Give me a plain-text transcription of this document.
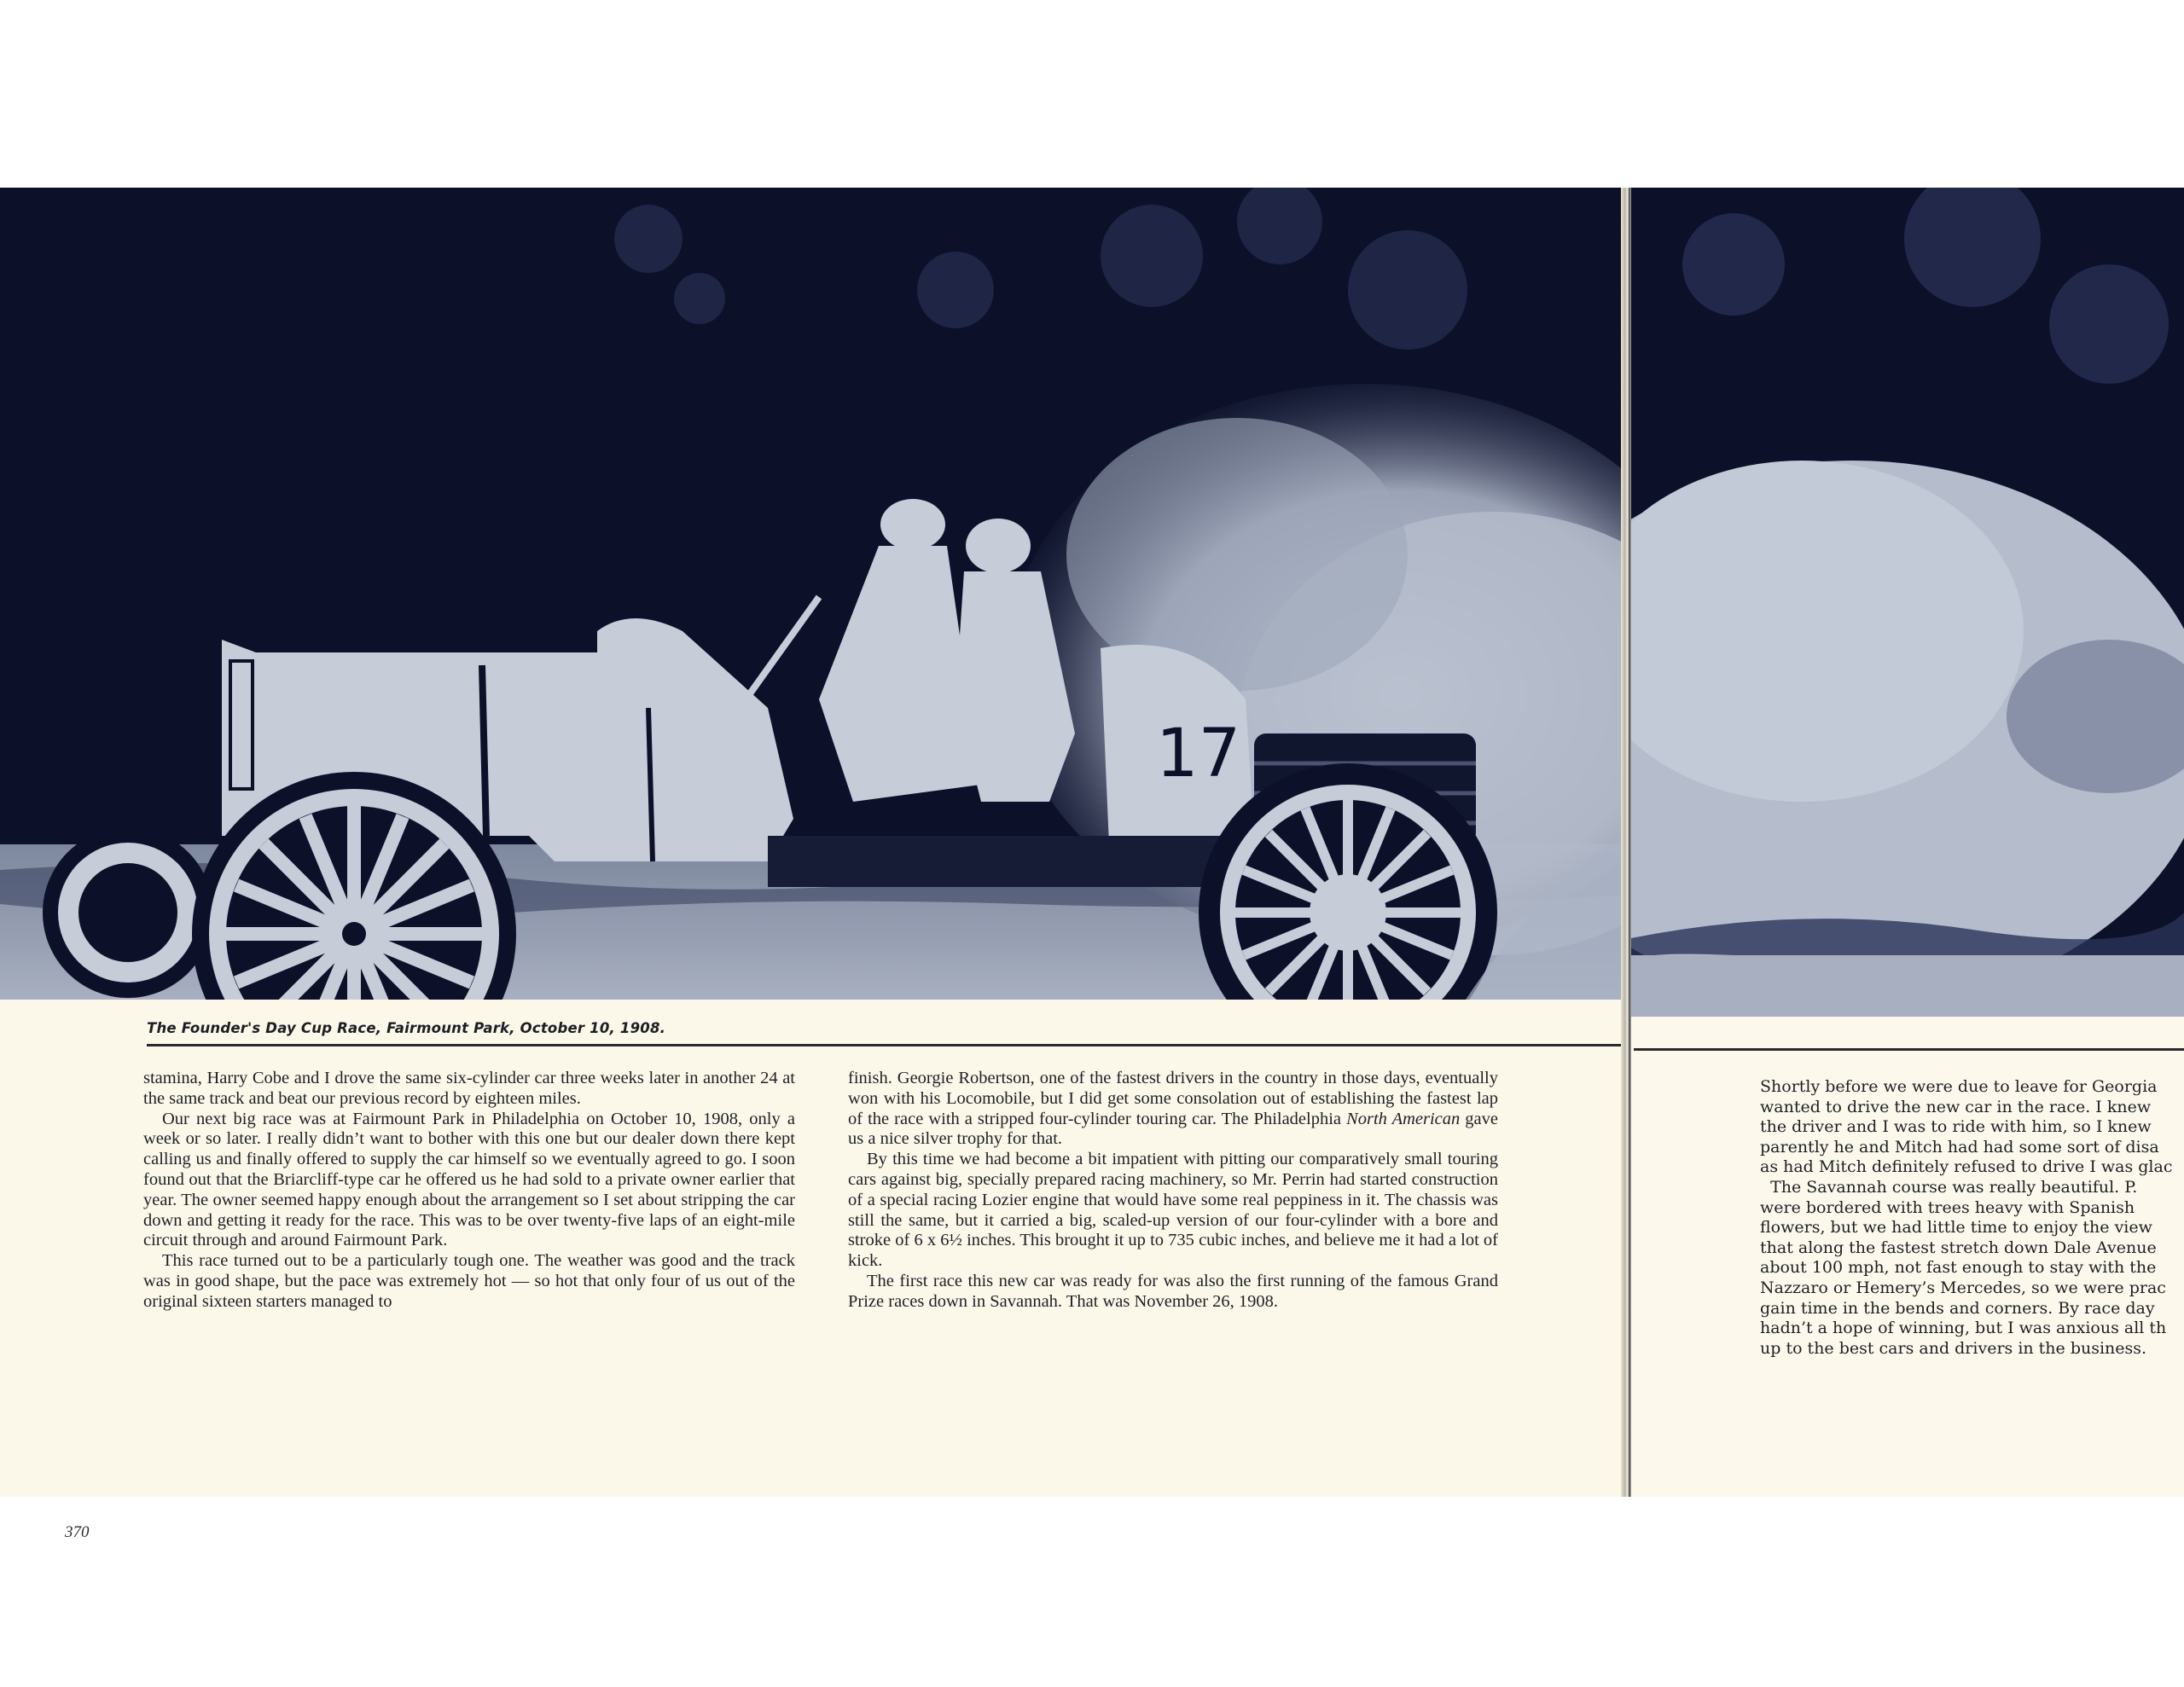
17
The Founder's Day Cup Race, Fairmount Park, October 10, 1908.

stamina, Harry Cobe and I drove the same six-cylinder car three weeks later in another 24 at the same track and beat our previous record by eighteen miles.

Our next big race was at Fairmount Park in Philadelphia on October 10, 1908, only a week or so later. I really didn’t want to bother with this one but our dealer down there kept calling us and finally offered to supply the car himself so we eventually agreed to go. I soon found out that the Briarcliff-type car he offered us he had sold to a private owner earlier that year. The owner seemed happy enough about the arrangement so I set about stripping the car down and getting it ready for the race. This was to be over twenty-five laps of an eight-mile circuit through and around Fairmount Park.

This race turned out to be a particularly tough one. The weather was good and the track was in good shape, but the pace was extremely hot — so hot that only four of us out of the original sixteen starters managed to

finish. Georgie Robertson, one of the fastest drivers in the country in those days, eventually won with his Locomobile, but I did get some consolation out of establishing the fastest lap of the race with a stripped four-cylinder touring car. The Philadelphia North American gave us a nice silver trophy for that.

By this time we had become a bit impatient with pitting our comparatively small touring cars against big, specially prepared racing machinery, so Mr. Perrin had started construction of a special racing Lozier engine that would have some real peppiness in it. The chassis was still the same, but it carried a big, scaled-up version of our four-cylinder with a bore and stroke of 6 x 6½ inches. This brought it up to 735 cubic inches, and believe me it had a lot of kick.

The first race this new car was ready for was also the first running of the famous Grand Prize races down in Savannah. That was November 26, 1908.

370
Shortly before we were due to leave for Georgia
wanted to drive the new car in the race. I knew
the driver and I was to ride with him, so I knew
parently he and Mitch had had some sort of disa
as had Mitch definitely refused to drive I was glac
The Savannah course was really beautiful. P.
were bordered with trees heavy with Spanish
flowers, but we had little time to enjoy the view
that along the fastest stretch down Dale Avenue
about 100 mph, not fast enough to stay with the
Nazzaro or Hemery’s Mercedes, so we were prac
gain time in the bends and corners. By race day
hadn’t a hope of winning, but I was anxious all th
up to the best cars and drivers in the business.
